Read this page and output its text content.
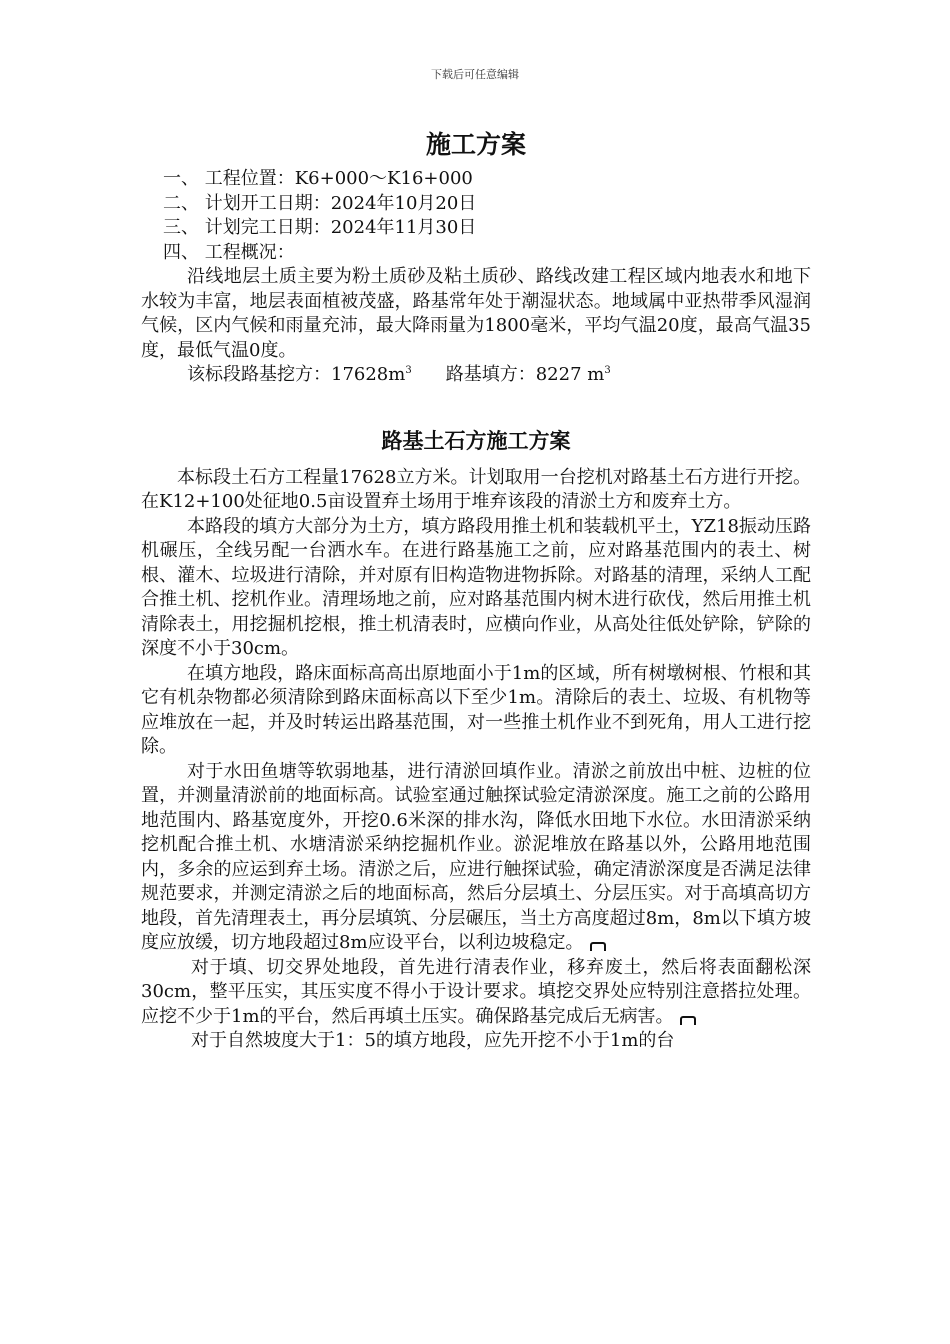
下载后可任意编辑
施工方案
一、 工程位置：K6+000～K16+000
二、 计划开工日期：2024年10月20日
三、 计划完工日期：2024年11月30日
四、 工程概况：

沿线地层土质主要为粉土质砂及粘土质砂、路线改建工程区域内地表水和地下水较为丰富，地层表面植被茂盛，路基常年处于潮湿状态。地域属中亚热带季风湿润气候，区内气候和雨量充沛，最大降雨量为1800毫米，平均气温20度，最高气温35度，最低气温0度。

该标段路基挖方：$17628m^3$ 路基填方：8227 $m^3$

路基土石方施工方案

本标段土石方工程量17628立方米。计划取用一台挖机对路基土石方进行开挖。在K12+100处征地0.5亩设置弃土场用于堆弃该段的清淤土方和废弃土方。

本路段的填方大部分为土方，填方路段用推土机和装载机平土，YZ18振动压路机碾压，全线另配一台洒水车。在进行路基施工之前，应对路基范围内的表土、树根、灌木、垃圾进行清除，并对原有旧构造物进物拆除。对路基的清理，采纳人工配合推土机、挖机作业。清理场地之前，应对路基范围内树木进行砍伐，然后用推土机清除表土，用挖掘机挖根，推土机清表时，应横向作业，从高处往低处铲除，铲除的深度不小于30cm。

在填方地段，路床面标高高出原地面小于1m的区域，所有树墩树根、竹根和其它有机杂物都必须清除到路床面标高以下至少1m。清除后的表土、垃圾、有机物等应堆放在一起，并及时转运出路基范围，对一些推土机作业不到死角，用人工进行挖除。

对于水田鱼塘等软弱地基，进行清淤回填作业。清淤之前放出中桩、边桩的位置，并测量清淤前的地面标高。试验室通过触探试验定清淤深度。施工之前的公路用地范围内、路基宽度外，开挖0.6米深的排水沟，降低水田地下水位。水田清淤采纳挖机配合推土机、水塘清淤采纳挖掘机作业。淤泥堆放在路基以外，公路用地范围内，多余的应运到弃土场。清淤之后，应进行触探试验，确定清淤深度是否满足法律规范要求，并测定清淤之后的地面标高，然后分层填土、分层压实。对于高填高切方地段，首先清理表土，再分层填筑、分层碾压，当土方高度超过8m，8m以下填方坡度应放缓，切方地段超过8m应设平台，以利边坡稳定。

对于填、切交界处地段，首先进行清表作业，移弃废土，然后将表面翻松深30cm，整平压实，其压实度不得小于设计要求。填挖交界处应特别注意搭拉处理。应挖不少于1m的平台，然后再填土压实。确保路基完成后无病害。

对于自然坡度大于1：5的填方地段，应先开挖不小于1m的台
